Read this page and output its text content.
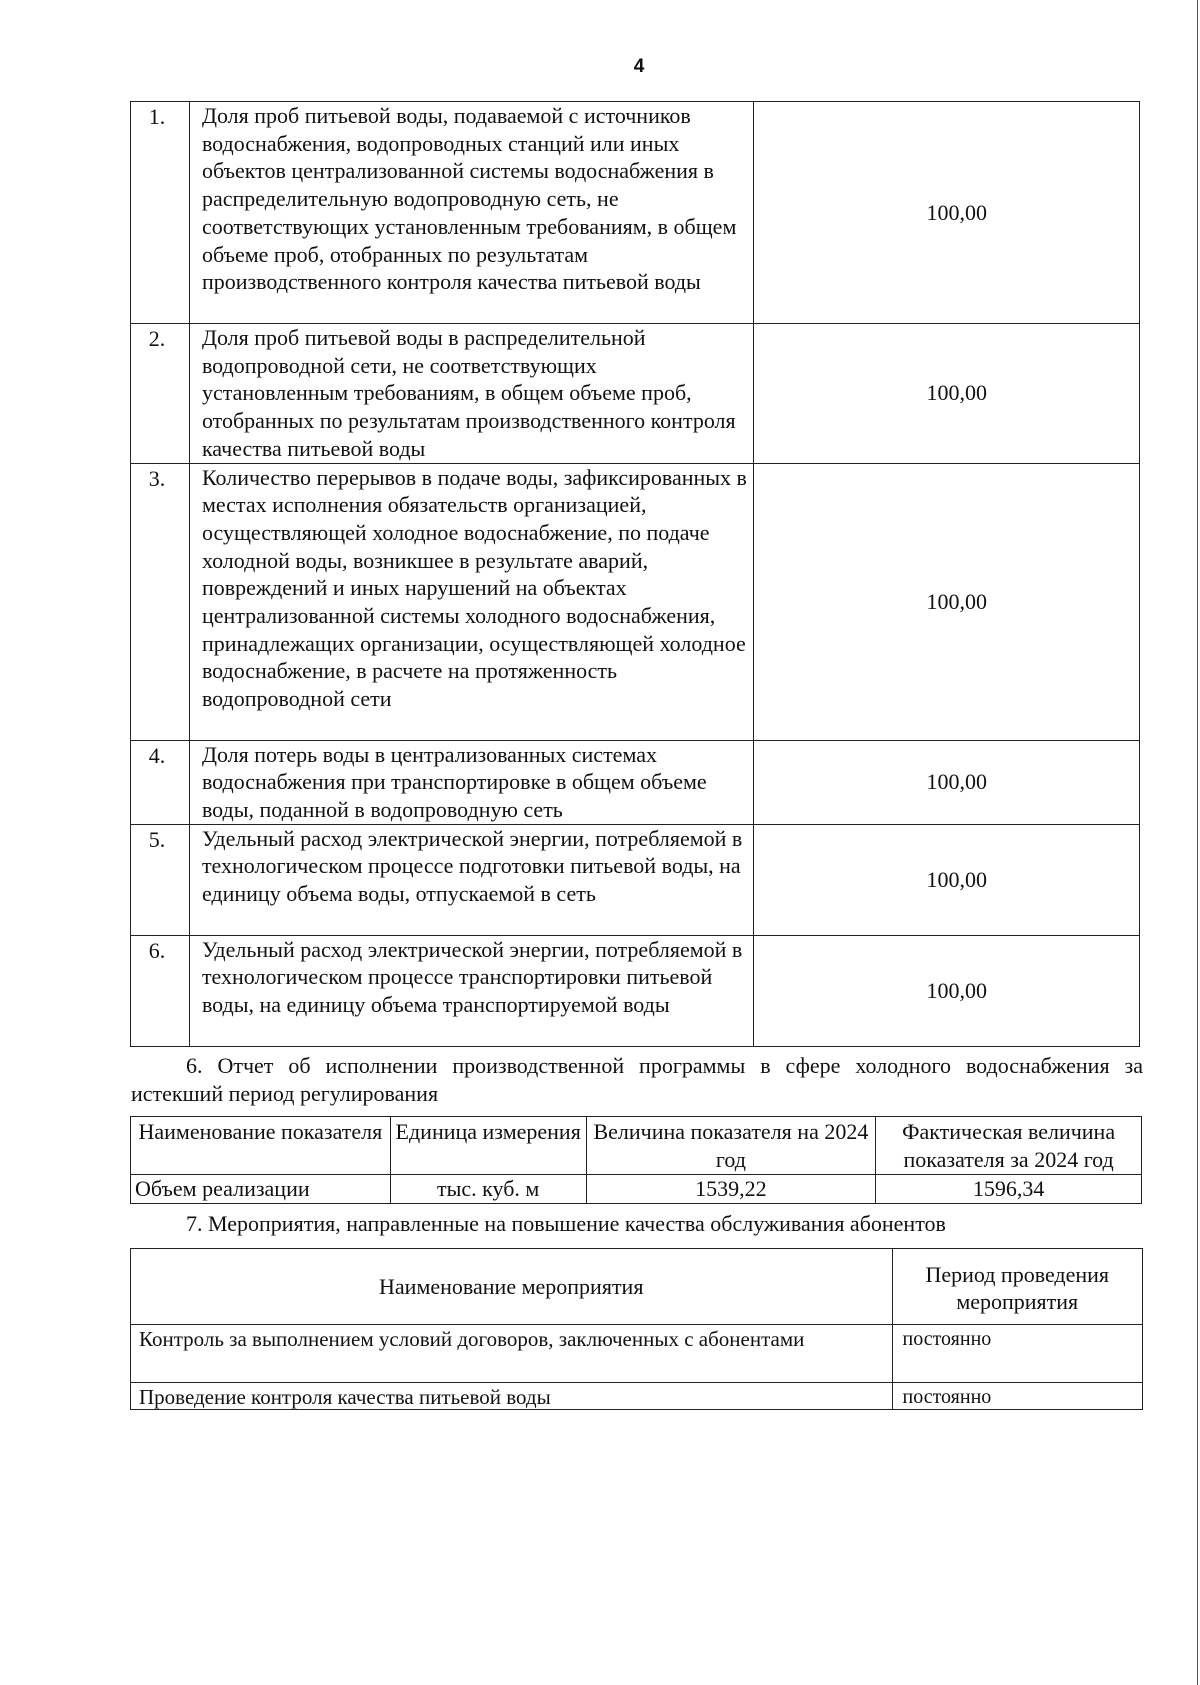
4
1.	Доля проб питьевой воды, подаваемой с источников водоснабжения, водопроводных станций или иных объектов централизованной системы водоснабжения в распределительную водопроводную сеть, не соответствующих установленным требованиям, в общем объеме проб, отобранных по результатам производственного контроля качества питьевой воды	100,00
2.	Доля проб питьевой воды в распределительной водопроводной сети, не соответствующих установленным требованиям, в общем объеме проб, отобранных по результатам производственного контроля качества питьевой воды	100,00
3.	Количество перерывов в подаче воды, зафиксированных в местах исполнения обязательств организацией, осуществляющей холодное водоснабжение, по подаче холодной воды, возникшее в результате аварий, повреждений и иных нарушений на объектах централизованной системы холодного водоснабжения, принадлежащих организации, осуществляющей холодное водоснабжение, в расчете на протяженность водопроводной сети	100,00
4.	Доля потерь воды в централизованных системах водоснабжения при транспортировке в общем объеме воды, поданной в водопроводную сеть	100,00
5.	Удельный расход электрической энергии, потребляемой в технологическом процессе подготовки питьевой воды, на единицу объема воды, отпускаемой в сеть	100,00
6.	Удельный расход электрической энергии, потребляемой в технологическом процессе транспортировки питьевой воды, на единицу объема транспортируемой воды	100,00
6. Отчет об исполнении производственной программы в сфере холодного водоснабжения за истекший период регулирования
Наименование показателя	Единица измерения	Величина показателя на 2024 год	Фактическая величина показателя за 2024 год
Объем реализации	тыс. куб. м	1539,22	1596,34
7. Мероприятия, направленные на повышение качества обслуживания абонентов
Наименование мероприятия	Период проведения мероприятия
Контроль за выполнением условий договоров, заключенных с абонентами	постоянно
Проведение контроля качества питьевой воды	постоянно
